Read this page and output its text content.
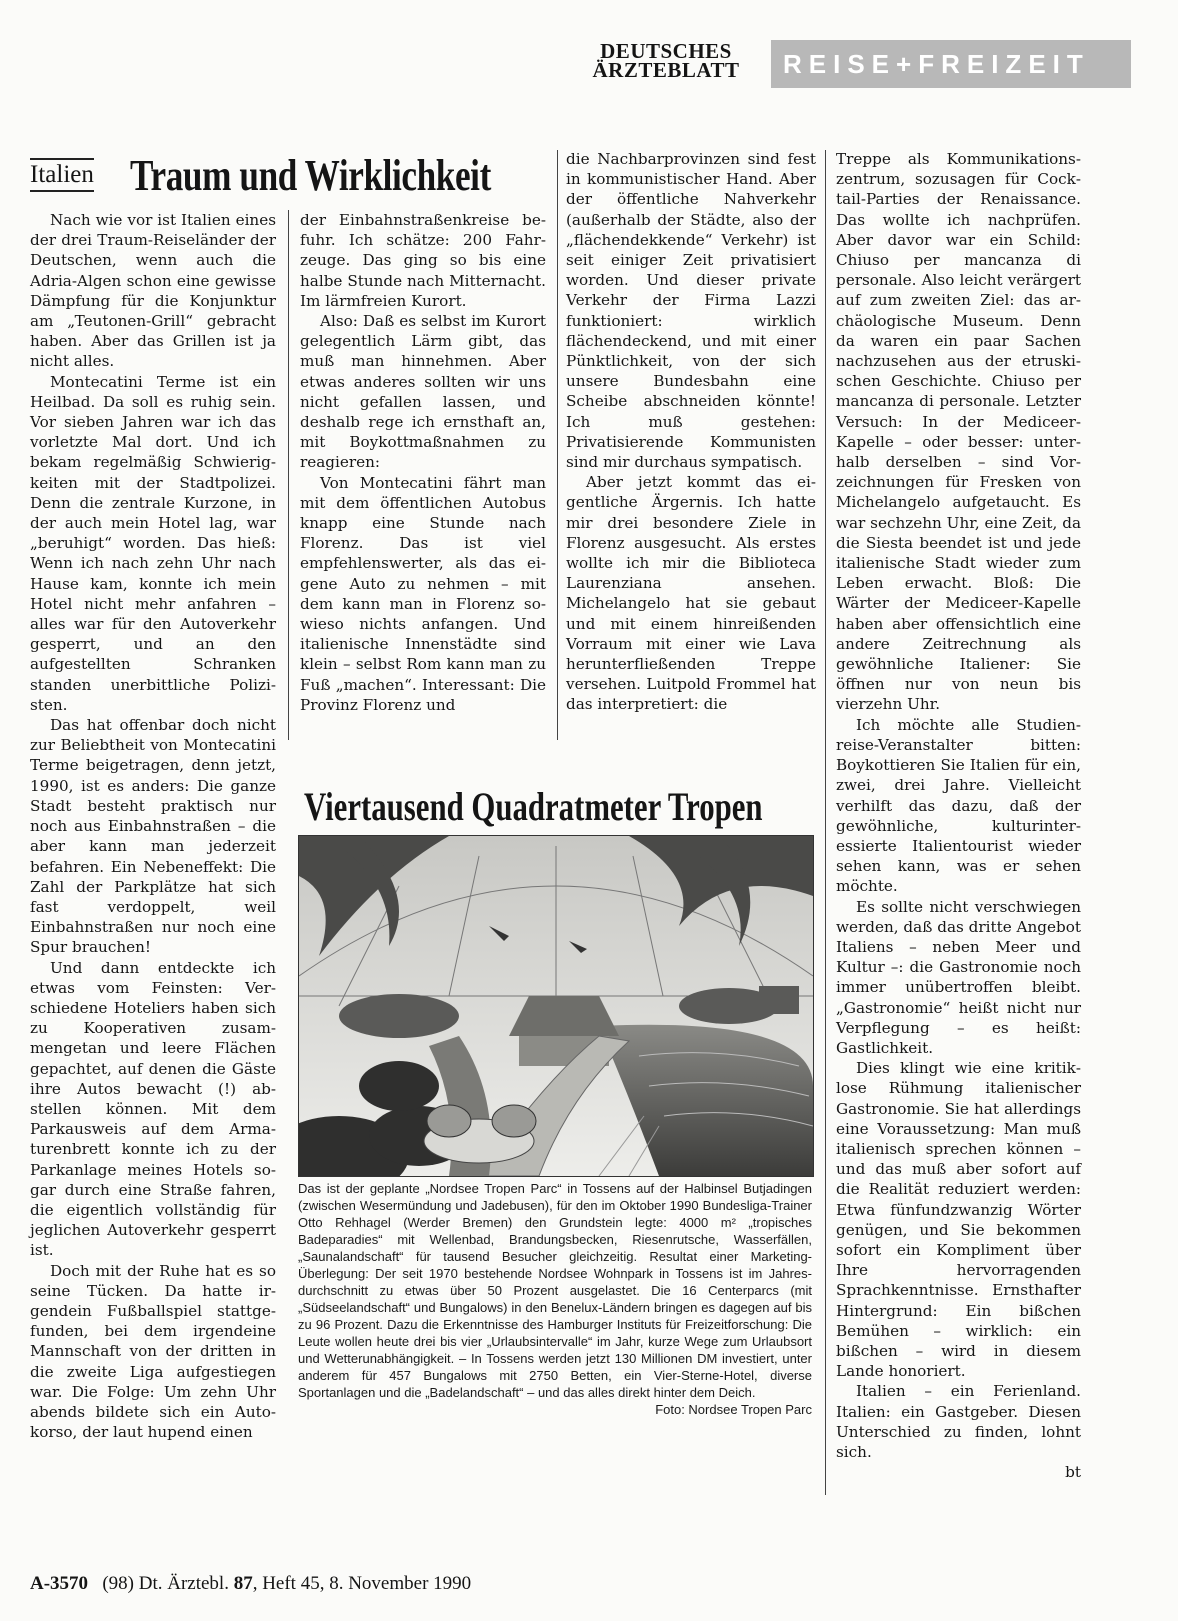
DEUTSCHES
ÄRZTEBLATT	REISE+FREIZEIT
Italien Traum und Wirklichkeit

Nach wie vor ist Italien eines der drei Traum-Reiseländer der Deutschen, wenn auch die Adria-Algen schon eine gewisse Dämpfung für die Konjunktur am „Teutonen-Grill“ gebracht haben. Aber das Grillen ist ja nicht alles.

Montecatini Terme ist ein Heilbad. Da soll es ruhig sein. Vor sieben Jahren war ich das vorletzte Mal dort. Und ich bekam regelmäßig Schwierigkeiten mit der Stadtpolizei. Denn die zentrale Kurzone, in der auch mein Hotel lag, war „beruhigt“ worden. Das hieß: Wenn ich nach zehn Uhr nach Hause kam, konnte ich mein Hotel nicht mehr anfahren – alles war für den Autoverkehr gesperrt, und an den aufgestellten Schranken standen unerbittliche Polizisten.

Das hat offenbar doch nicht zur Beliebtheit von Montecatini Terme beigetragen, denn jetzt, 1990, ist es anders: Die ganze Stadt besteht praktisch nur noch aus Einbahnstraßen – die aber kann man jederzeit befahren. Ein Nebeneffekt: Die Zahl der Parkplätze hat sich fast verdoppelt, weil Einbahnstraßen nur noch eine Spur brauchen!

Und dann entdeckte ich etwas vom Feinsten: Verschiedene Hoteliers haben sich zu Kooperativen zusammengetan und leere Flächen gepachtet, auf denen die Gäste ihre Autos bewacht (!) abstellen können. Mit dem Parkausweis auf dem Armaturenbrett konnte ich zu der Parkanlage meines Hotels sogar durch eine Straße fahren, die eigentlich vollständig für jeglichen Autoverkehr gesperrt ist.

Doch mit der Ruhe hat es so seine Tücken. Da hatte irgendein Fußballspiel stattgefunden, bei dem irgendeine Mannschaft von der dritten in die zweite Liga aufgestiegen war. Die Folge: Um zehn Uhr abends bildete sich ein Autokorso, der laut hupend einen

der Einbahnstraßenkreise befuhr. Ich schätze: 200 Fahrzeuge. Das ging so bis eine halbe Stunde nach Mitternacht. Im lärmfreien Kurort.

Also: Daß es selbst im Kurort gelegentlich Lärm gibt, das muß man hinnehmen. Aber etwas anderes sollten wir uns nicht gefallen lassen, und deshalb rege ich ernsthaft an, mit Boykottmaßnahmen zu reagieren:

Von Montecatini fährt man mit dem öffentlichen Autobus knapp eine Stunde nach Florenz. Das ist viel empfehlenswerter, als das eigene Auto zu nehmen – mit dem kann man in Florenz sowieso nichts anfangen. Und italienische Innenstädte sind klein – selbst Rom kann man zu Fuß „machen“. Interessant: Die Provinz Florenz und

die Nachbarprovinzen sind fest in kommunistischer Hand. Aber der öffentliche Nahverkehr (außerhalb der Städte, also der „flächendekkende“ Verkehr) ist seit einiger Zeit privatisiert worden. Und dieser private Verkehr der Firma Lazzi funktioniert: wirklich flächendeckend, und mit einer Pünktlichkeit, von der sich unsere Bundesbahn eine Scheibe abschneiden könnte! Ich muß gestehen: Privatisierende Kommunisten sind mir durchaus sympatisch.

Aber jetzt kommt das eigentliche Ärgernis. Ich hatte mir drei besondere Ziele in Florenz ausgesucht. Als erstes wollte ich mir die Biblioteca Laurenziana ansehen. Michelangelo hat sie gebaut und mit einem hinreißenden Vorraum mit einer wie Lava herunterfließenden Treppe versehen. Luitpold Frommel hat das interpretiert: die

Treppe als Kommunikationszentrum, sozusagen für Cocktail-Parties der Renaissance. Das wollte ich nachprüfen. Aber davor war ein Schild: Chiuso per mancanza di personale. Also leicht verärgert auf zum zweiten Ziel: das archäologische Museum. Denn da waren ein paar Sachen nachzusehen aus der etruskischen Geschichte. Chiuso per mancanza di personale. Letzter Versuch: In der Mediceer-Kapelle – oder besser: unterhalb derselben – sind Vorzeichnungen für Fresken von Michelangelo aufgetaucht. Es war sechzehn Uhr, eine Zeit, da die Siesta beendet ist und jede italienische Stadt wieder zum Leben erwacht. Bloß: Die Wärter der Mediceer-Kapelle haben aber offensichtlich eine andere Zeitrechnung als gewöhnliche Italiener: Sie öffnen nur von neun bis vierzehn Uhr.

Ich möchte alle Studienreise-Veranstalter bitten: Boykottieren Sie Italien für ein, zwei, drei Jahre. Vielleicht verhilft das dazu, daß der gewöhnliche, kulturinteressierte Italientourist wieder sehen kann, was er sehen möchte.

Es sollte nicht verschwiegen werden, daß das dritte Angebot Italiens – neben Meer und Kultur –: die Gastronomie noch immer unübertroffen bleibt. „Gastronomie“ heißt nicht nur Verpflegung – es heißt: Gastlichkeit.

Dies klingt wie eine kritiklose Rühmung italienischer Gastronomie. Sie hat allerdings eine Voraussetzung: Man muß italienisch sprechen können – und das muß aber sofort auf die Realität reduziert werden: Etwa fünfundzwanzig Wörter genügen, und Sie bekommen sofort ein Kompliment über Ihre hervorragenden Sprachkenntnisse. Ernsthafter Hintergrund: Ein bißchen Bemühen – wirklich: ein bißchen – wird in diesem Lande honoriert.

Italien – ein Ferienland. Italien: ein Gastgeber. Diesen Unterschied zu finden, lohnt sich.

bt

Viertausend Quadratmeter Tropen
Das ist der geplante „Nordsee Tropen Parc“ in Tossens auf der Halbinsel Butjadingen (zwischen Wesermündung und Jadebusen), für den im Oktober 1990 Bundesliga-Trainer Otto Rehhagel (Werder Bremen) den Grundstein legte: 4000 m² „tropisches Badeparadies“ mit Wellenbad, Brandungsbecken, Riesenrutsche, Wasserfällen, „Saunalandschaft“ für tausend Besucher gleichzeitig. Resultat einer Marketing-Überlegung: Der seit 1970 bestehende Nordsee Wohnpark in Tossens ist im Jahresdurchschnitt zu etwas über 50 Prozent ausgelastet. Die 16 Centerparcs (mit „Südseelandschaft“ und Bungalows) in den Benelux-Ländern bringen es dagegen auf bis zu 96 Prozent. Dazu die Erkenntnisse des Hamburger Instituts für Freizeitforschung: Die Leute wollen heute drei bis vier „Urlaubsintervalle“ im Jahr, kurze Wege zum Urlaubsort und Wetterunabhängigkeit. – In Tossens werden jetzt 130 Millionen DM investiert, unter anderem für 457 Bungalows mit 2750 Betten, ein Vier-Sterne-Hotel, diverse Sportanlagen und die „Badelandschaft“ – und das alles direkt hinter dem Deich.
Foto: Nordsee Tropen Parc
A-3570 (98) Dt. Ärztebl. 87, Heft 45, 8. November 1990
